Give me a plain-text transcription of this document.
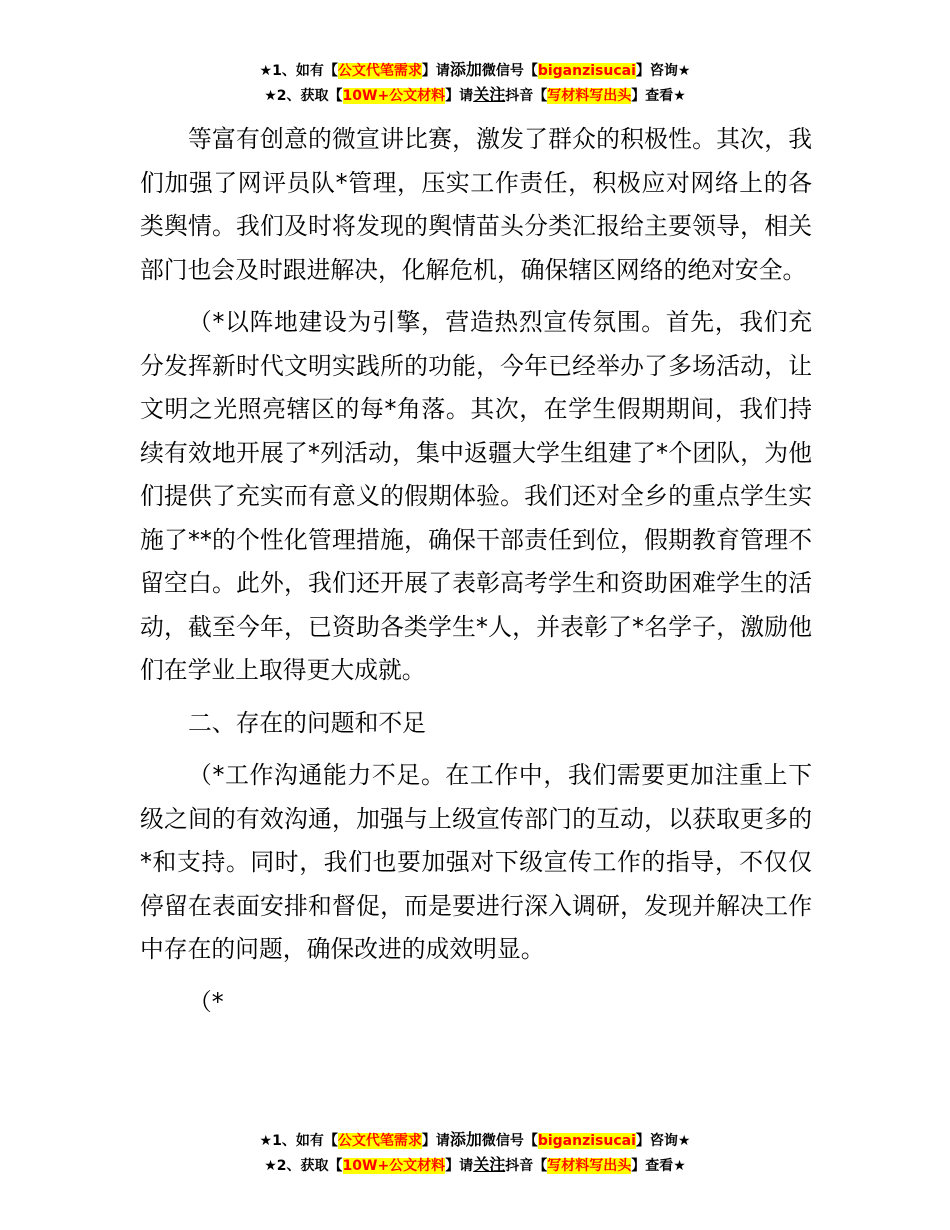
★1、如有【公文代笔需求】请添加微信号【biganzisucai】咨询★
★2、获取【10W+公文材料】请关注抖音【写材料写出头】查看★

等富有创意的微宣讲比赛，激发了群众的积极性。其次，我们加强了网评员队*管理，压实工作责任，积极应对网络上的各类舆情。我们及时将发现的舆情苗头分类汇报给主要领导，相关部门也会及时跟进解决，化解危机，确保辖区网络的绝对安全。

（*以阵地建设为引擎，营造热烈宣传氛围。首先，我们充分发挥新时代文明实践所的功能，今年已经举办了多场活动，让文明之光照亮辖区的每*角落。其次，在学生假期期间，我们持续有效地开展了*列活动，集中返疆大学生组建了*个团队，为他们提供了充实而有意义的假期体验。我们还对全乡的重点学生实施了**的个性化管理措施，确保干部责任到位，假期教育管理不留空白。此外，我们还开展了表彰高考学生和资助困难学生的活动，截至今年，已资助各类学生*人，并表彰了*名学子，激励他们在学业上取得更大成就。

二、存在的问题和不足

（*工作沟通能力不足。在工作中，我们需要更加注重上下级之间的有效沟通，加强与上级宣传部门的互动，以获取更多的*和支持。同时，我们也要加强对下级宣传工作的指导，不仅仅停留在表面安排和督促，而是要进行深入调研，发现并解决工作中存在的问题，确保改进的成效明显。

（*

★1、如有【公文代笔需求】请添加微信号【biganzisucai】咨询★
★2、获取【10W+公文材料】请关注抖音【写材料写出头】查看★
